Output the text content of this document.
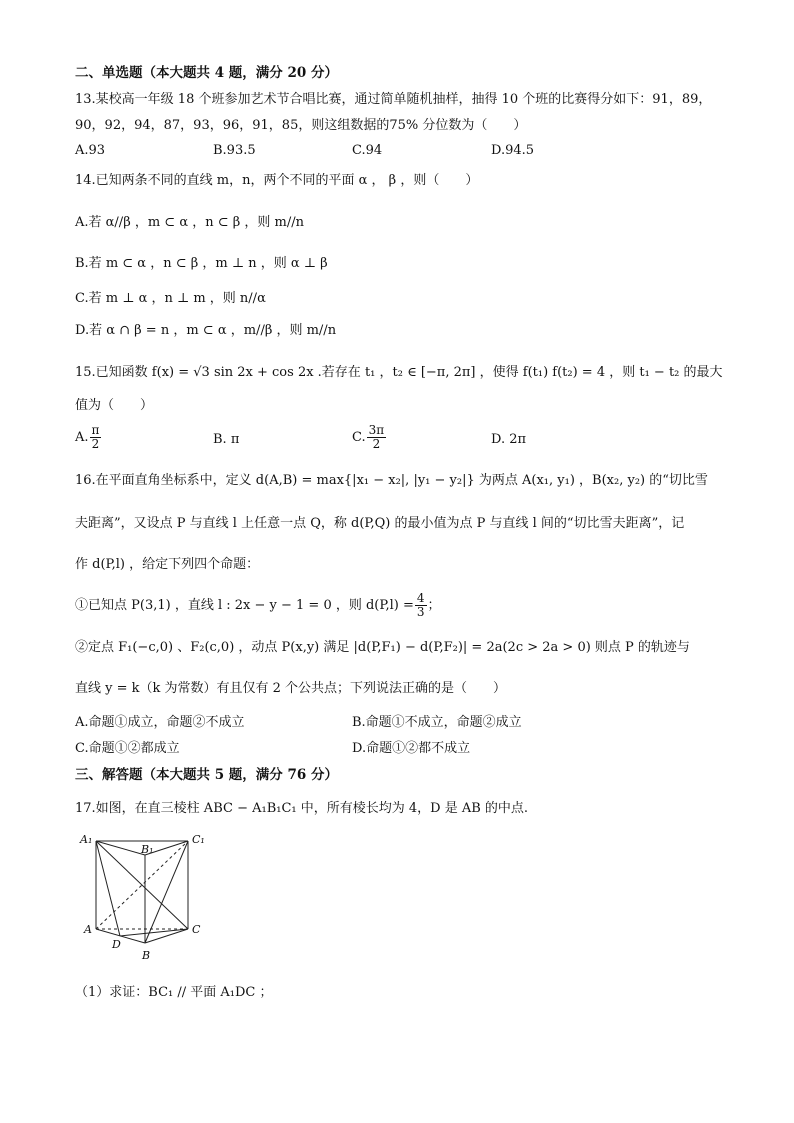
二、单选题（本大题共 4 题，满分 20 分）
13.某校高一年级 18 个班参加艺术节合唱比赛，通过简单随机抽样，抽得 10 个班的比赛得分如下：91，89，
90，92，94，87，93，96，91，85，则这组数据的75% 分位数为（　　）
A.93	B.93.5	C.94	D.94.5
14.已知两条不同的直线 m，n，两个不同的平面 α ， β ，则（　　）
A.若 α//β ，m ⊂ α ，n ⊂ β ，则 m//n
B.若 m ⊂ α ，n ⊂ β ，m ⊥ n ，则 α ⊥ β
C.若 m ⊥ α ，n ⊥ m ，则 n//α
D.若 α ∩ β = n ，m ⊂ α ，m//β ，则 m//n
15.已知函数 f(x) = √3 sin 2x + cos 2x .若存在 t₁ ，t₂ ∈ [−π, 2π] ，使得 f(t₁) f(t₂) = 4 ，则 t₁ − t₂ 的最大
值为（　　）
A. $\frac{\pi}{2}$	B. π	C. $\frac{3\pi}{2}$	D. 2π
16.在平面直角坐标系中，定义 d(A,B) = max{|x₁ − x₂|, |y₁ − y₂|} 为两点 A(x₁, y₁) ，B(x₂, y₂) 的“切比雪
夫距离”，又设点 P 与直线 l 上任意一点 Q，称 d(P,Q) 的最小值为点 P 与直线 l 间的“切比雪夫距离”，记
作 d(P,l) ，给定下列四个命题：
①已知点 P(3,1) ，直线 l : 2x − y − 1 = 0 ，则 $d(P,l) = \frac{4}{3}$ ；
②定点 F₁(−c,0) 、F₂(c,0) ，动点 P(x,y) 满足 |d(P,F₁) − d(P,F₂)| = 2a(2c > 2a > 0) 则点 P 的轨迹与
直线 y = k（k 为常数）有且仅有 2 个公共点；下列说法正确的是（　　）
A.命题①成立，命题②不成立	B.命题①不成立，命题②成立
C.命题①②都成立	D.命题①②都不成立
三、解答题（本大题共 5 题，满分 76 分）
17.如图，在直三棱柱 ABC − A₁B₁C₁ 中，所有棱长均为 4，D 是 AB 的中点.
A₁
B₁
C₁
A	C
D
B
（1）求证：BC₁ // 平面 A₁DC ；
